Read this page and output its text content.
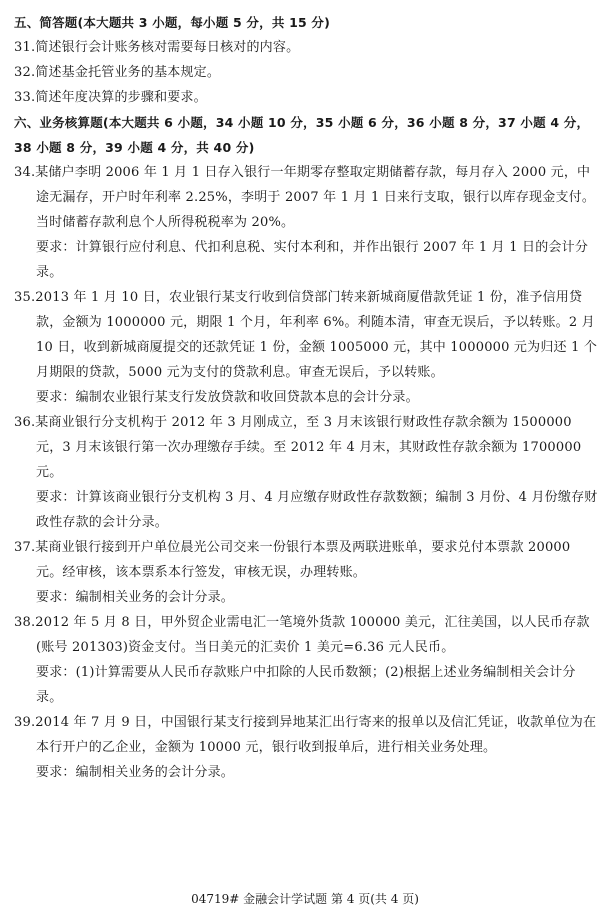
五、简答题(本大题共 3 小题，每小题 5 分，共 15 分)
31.简述银行会计账务核对需要每日核对的内容。
32.简述基金托管业务的基本规定。
33.简述年度决算的步骤和要求。
六、业务核算题(本大题共 6 小题，34 小题 10 分，35 小题 6 分，36 小题 8 分，37 小题 4 分，38 小题 8 分，39 小题 4 分，共 40 分)
34.某储户李明 2006 年 1 月 1 日存入银行一年期零存整取定期储蓄存款，每月存入 2000 元，中途无漏存，开户时年利率 2.25%，李明于 2007 年 1 月 1 日来行支取，银行以库存现金支付。当时储蓄存款利息个人所得税税率为 20%。
要求：计算银行应付利息、代扣利息税、实付本利和，并作出银行 2007 年 1 月 1 日的会计分录。
35.2013 年 1 月 10 日，农业银行某支行收到信贷部门转来新城商厦借款凭证 1 份，准予信用贷款，金额为 1000000 元，期限 1 个月，年利率 6%。利随本清，审查无误后，予以转账。2 月 10 日，收到新城商厦提交的还款凭证 1 份，金额 1005000 元，其中 1000000 元为归还 1 个月期限的贷款，5000 元为支付的贷款利息。审查无误后，予以转账。
要求：编制农业银行某支行发放贷款和收回贷款本息的会计分录。
36.某商业银行分支机构于 2012 年 3 月刚成立，至 3 月末该银行财政性存款余额为 1500000 元，3 月末该银行第一次办理缴存手续。至 2012 年 4 月末，其财政性存款余额为 1700000 元。
要求：计算该商业银行分支机构 3 月、4 月应缴存财政性存款数额；编制 3 月份、4 月份缴存财政性存款的会计分录。
37.某商业银行接到开户单位晨光公司交来一份银行本票及两联进账单，要求兑付本票款 20000 元。经审核，该本票系本行签发，审核无误，办理转账。
要求：编制相关业务的会计分录。
38.2012 年 5 月 8 日，甲外贸企业需电汇一笔境外货款 100000 美元，汇往美国，以人民币存款(账号 201303)资金支付。当日美元的汇卖价 1 美元=6.36 元人民币。
要求：(1)计算需要从人民币存款账户中扣除的人民币数额；(2)根据上述业务编制相关会计分录。
39.2014 年 7 月 9 日，中国银行某支行接到异地某汇出行寄来的报单以及信汇凭证，收款单位为在本行开户的乙企业，金额为 10000 元，银行收到报单后，进行相关业务处理。
要求：编制相关业务的会计分录。
04719# 金融会计学试题 第 4 页(共 4 页)
